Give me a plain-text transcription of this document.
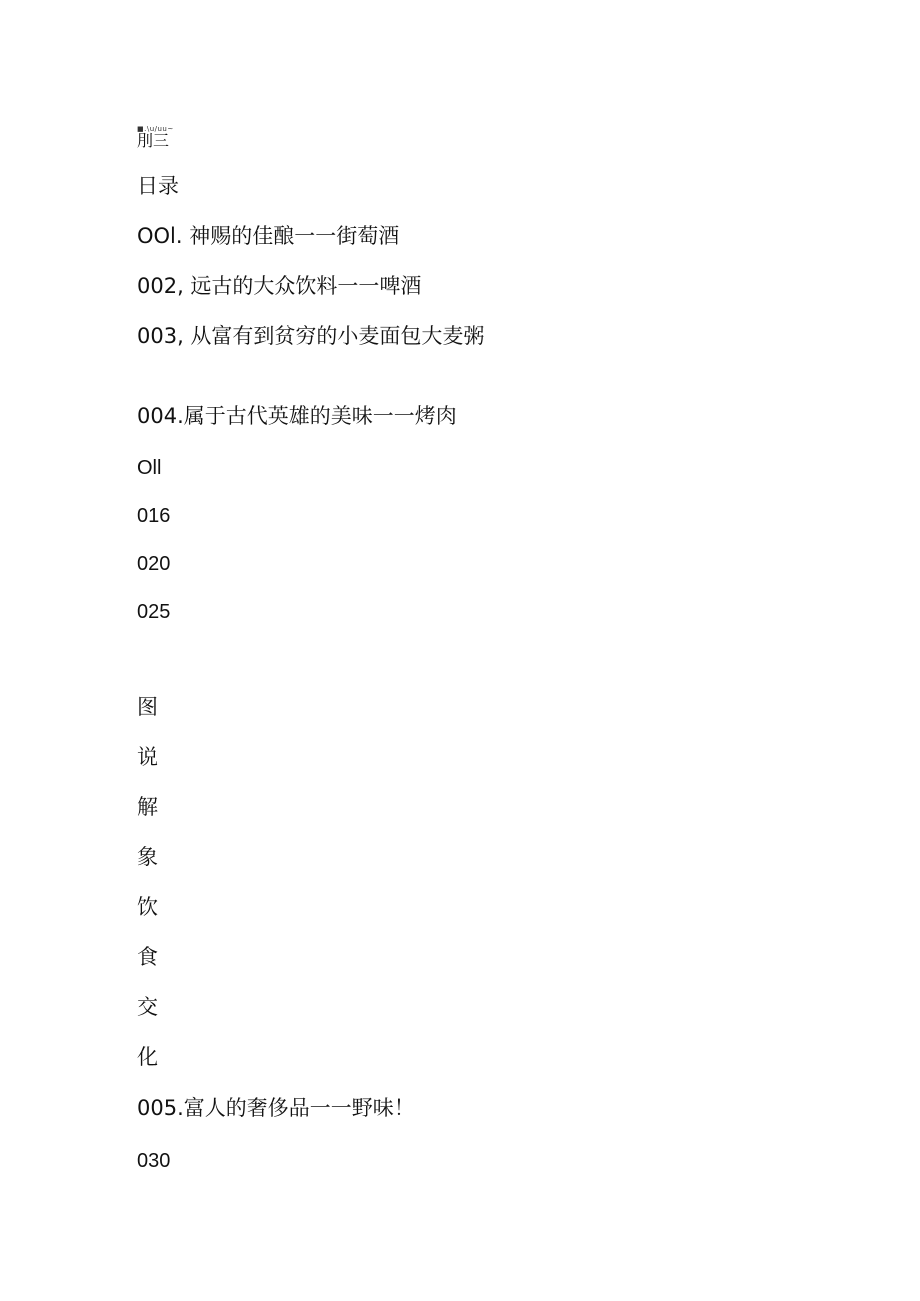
■.\u/uu~
刖三
日录
OOl. 神赐的佳酿一一街萄酒
002, 远古的大众饮料一一啤酒
003, 从富有到贫穷的小麦面包大麦粥
004.属于古代英雄的美味一一烤肉
Oll
016
020
025
图
说
解
象
饮
食
交
化
005.富人的奢侈品一一野味！
030
